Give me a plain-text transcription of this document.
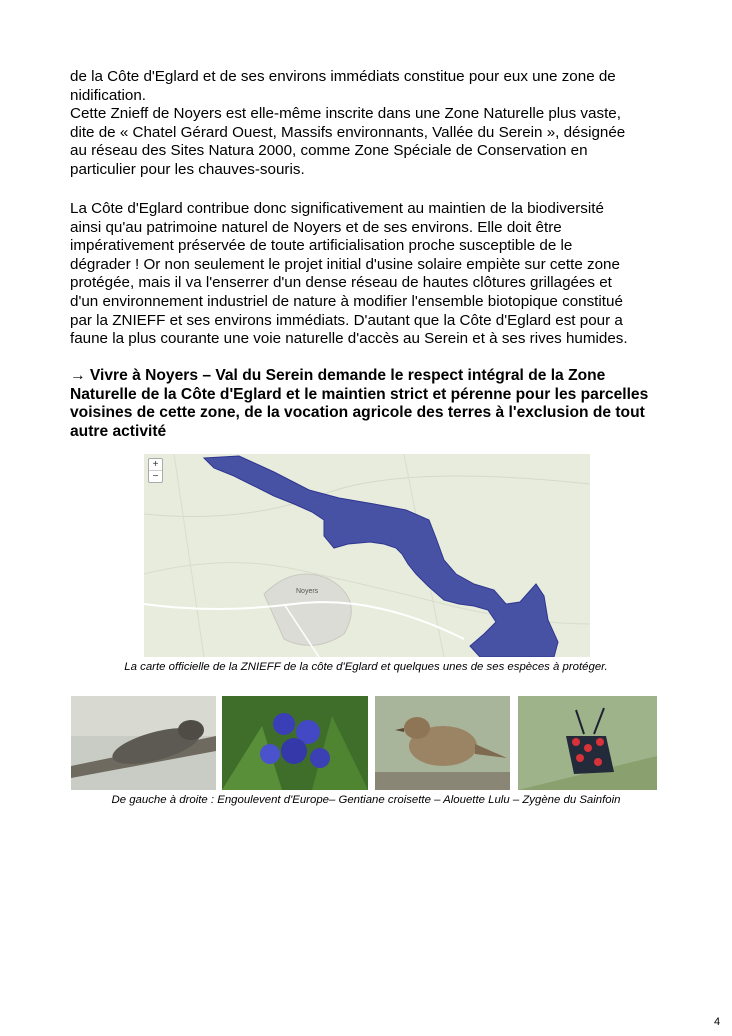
de la Côte d'Eglard et de ses environs immédiats constitue pour eux une zone de
nidification.
Cette Znieff de Noyers est elle-même inscrite dans une Zone Naturelle plus vaste,
dite de « Chatel Gérard Ouest, Massifs environnants, Vallée du Serein », désignée
au réseau des Sites Natura 2000, comme Zone Spéciale de Conservation en
particulier pour les chauves-souris.

La Côte d'Eglard contribue donc significativement au maintien de la biodiversité
ainsi qu'au patrimoine naturel de Noyers et de ses environs. Elle doit être
impérativement préservée de toute artificialisation proche susceptible de le
dégrader ! Or non seulement le projet initial d'usine solaire empiète sur cette zone
protégée, mais il va l'enserrer d'un dense réseau de hautes clôtures grillagées et
d'un environnement industriel de nature à modifier l'ensemble biotopique constitué
par la ZNIEFF et ses environs immédiats. D'autant que la Côte d'Eglard est pour a
faune la plus courante une voie naturelle d'accès au Serein et à ses rives humides.

→ Vivre à Noyers – Val du Serein demande le respect intégral de la Zone
Naturelle de la Côte d'Eglard et le maintien strict et pérenne pour les parcelles
voisines de cette zone, de la vocation agricole des terres à l'exclusion de tout
autre activité

+
−
Noyers

La carte officielle de la ZNIEFF de la côte d'Eglard et quelques unes de ses espèces à protéger.

De gauche à droite : Engoulevent d'Europe– Gentiane croisette – Alouette Lulu – Zygène du Sainfoin

4
